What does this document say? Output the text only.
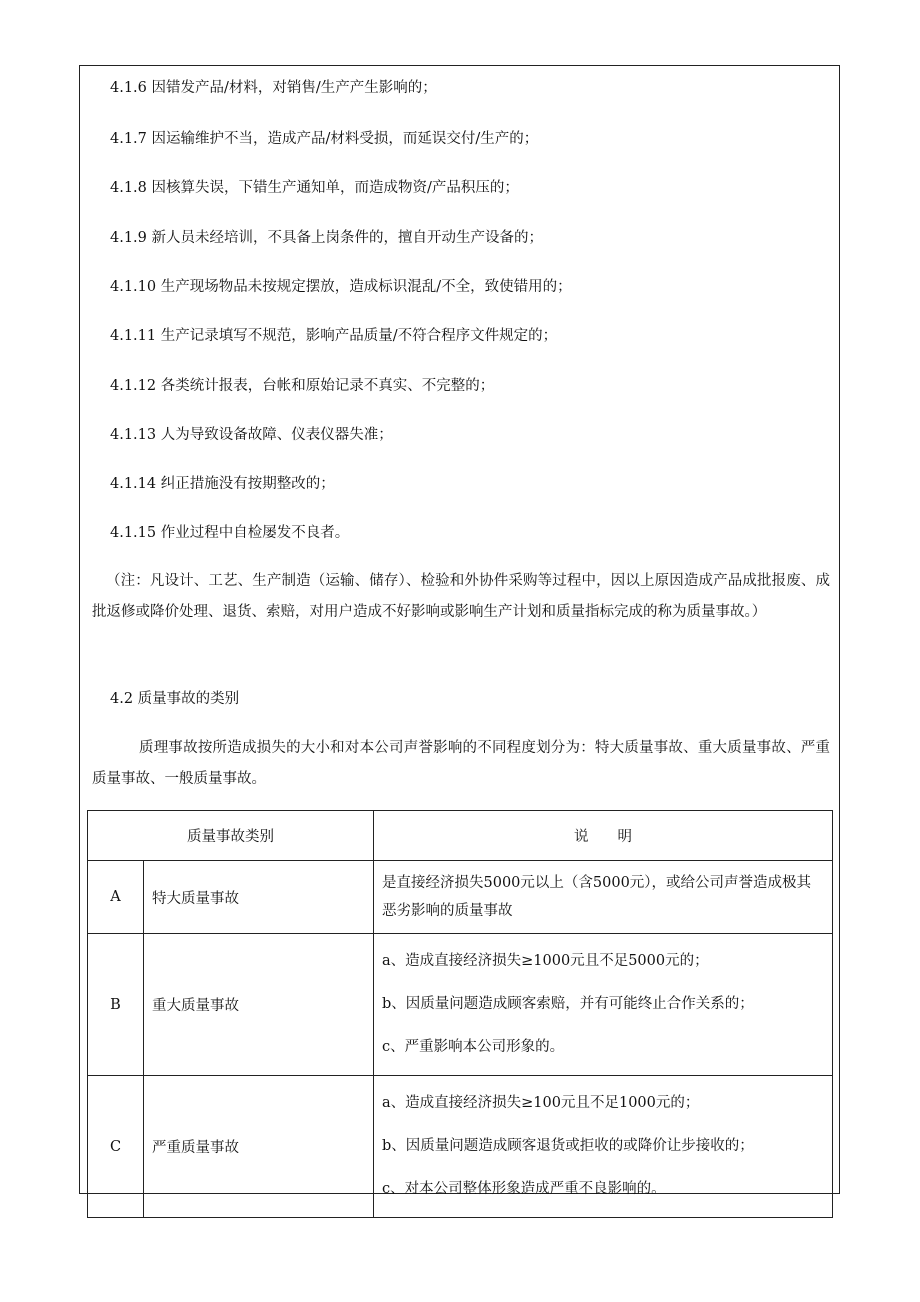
4.1.6 因错发产品/材料，对销售/生产产生影响的；
4.1.7 因运输维护不当，造成产品/材料受损，而延误交付/生产的；
4.1.8 因核算失误，下错生产通知单，而造成物资/产品积压的；
4.1.9 新人员未经培训，不具备上岗条件的，擅自开动生产设备的；
4.1.10 生产现场物品未按规定摆放，造成标识混乱/不全，致使错用的；
4.1.11 生产记录填写不规范，影响产品质量/不符合程序文件规定的；
4.1.12 各类统计报表，台帐和原始记录不真实、不完整的；
4.1.13 人为导致设备故障、仪表仪器失准；
4.1.14 纠正措施没有按期整改的；
4.1.15 作业过程中自检屡发不良者。
（注：凡设计、工艺、生产制造（运输、储存）、检验和外协件采购等过程中，因以上原因造成产品成批报废、成批返修或降价处理、退货、索赔，对用户造成不好影响或影响生产计划和质量指标完成的称为质量事故。）
4.2 质量事故的类别
质理事故按所造成损失的大小和对本公司声誉影响的不同程度划分为：特大质量事故、重大质量事故、严重质量事故、一般质量事故。
质量事故类别		说　　明
A	特大质量事故	是直接经济损失5000元以上（含5000元），或给公司声誉造成极其恶劣影响的质量事故

B	重大质量事故	a、造成直接经济损失≥1000元且不足5000元的；

b、因质量问题造成顾客索赔，并有可能终止合作关系的；

c、严重影响本公司形象的。

C	严重质量事故	a、造成直接经济损失≥100元且不足1000元的；

b、因质量问题造成顾客退货或拒收的或降价让步接收的；

c、对本公司整体形象造成严重不良影响的。
